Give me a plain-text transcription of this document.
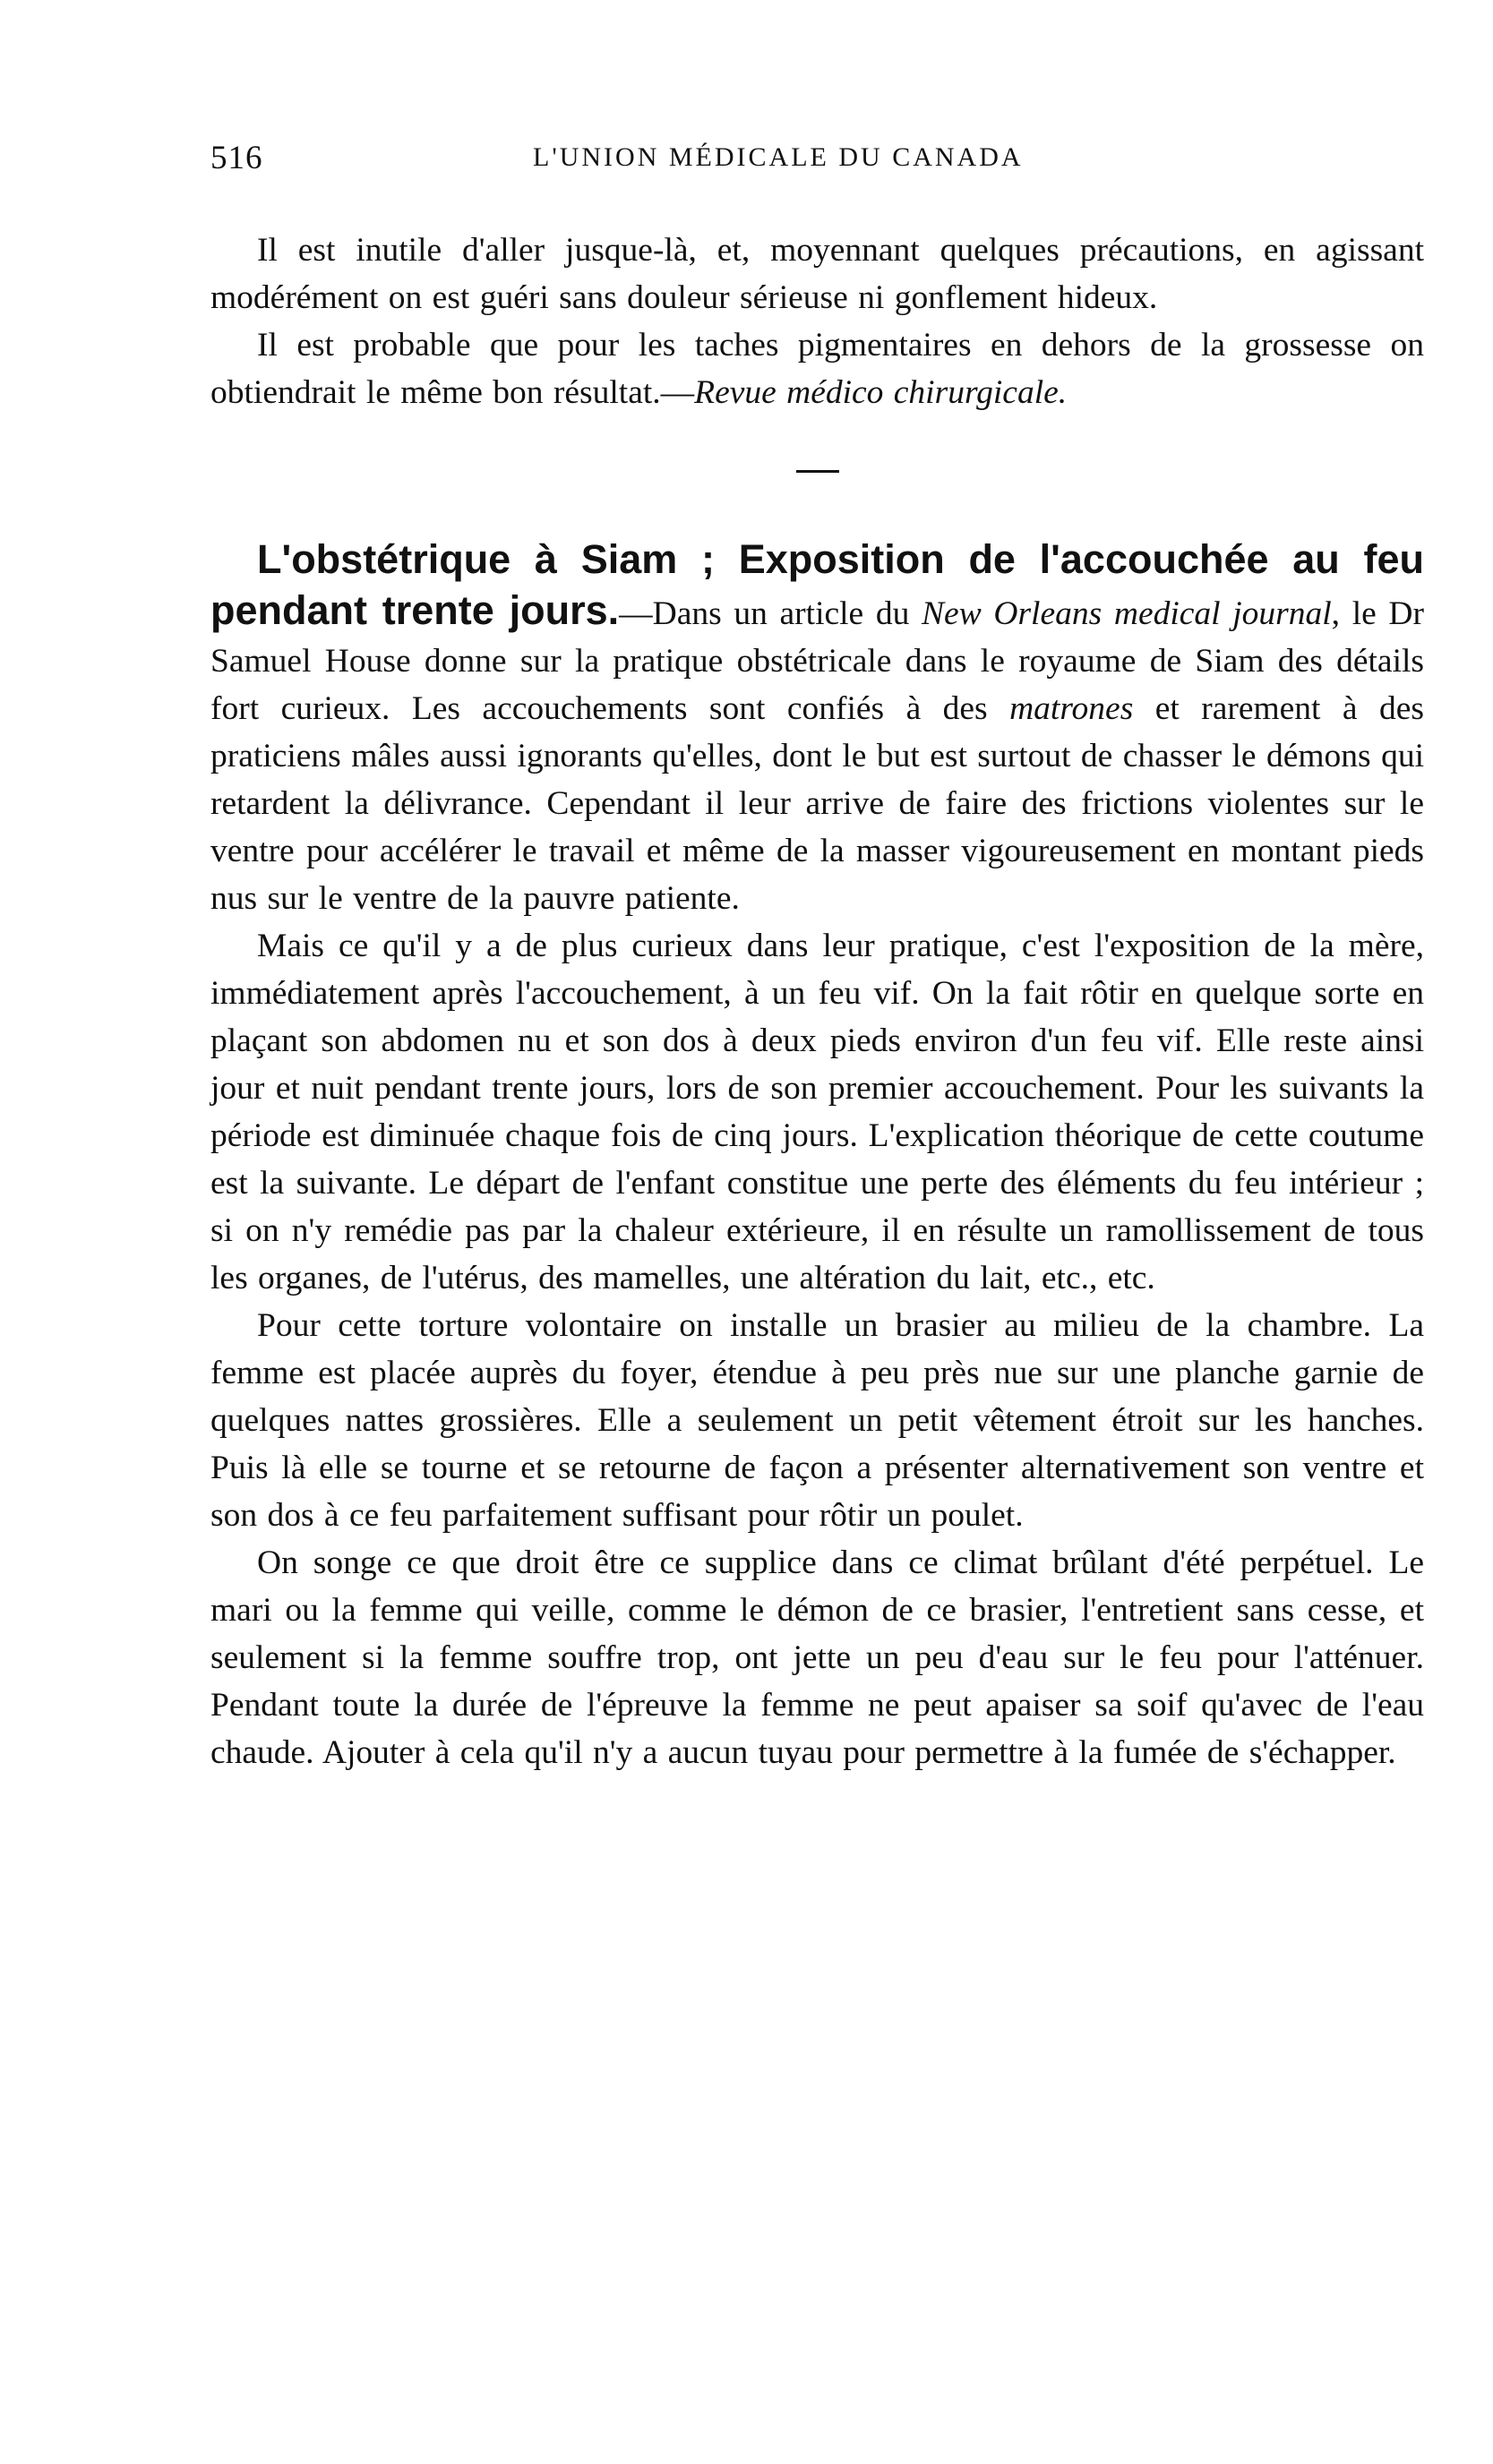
516	L'UNION MÉDICALE DU CANADA

Il est inutile d'aller jusque-là, et, moyennant quelques précautions, en agissant modérément on est guéri sans douleur sérieuse ni gonflement hideux.

Il est probable que pour les taches pigmentaires en dehors de la grossesse on obtiendrait le même bon résultat.—Revue médico chirurgicale.

L'obstétrique à Siam ; Exposition de l'accouchée au feu pendant trente jours.—Dans un article du New Orleans medical journal, le Dr Samuel House donne sur la pratique obstétricale dans le royaume de Siam des détails fort curieux. Les accouchements sont confiés à des matrones et rarement à des praticiens mâles aussi ignorants qu'elles, dont le but est surtout de chasser le démons qui retardent la délivrance. Cependant il leur arrive de faire des frictions violentes sur le ventre pour accélérer le travail et même de la masser vigoureusement en montant pieds nus sur le ventre de la pauvre patiente.

Mais ce qu'il y a de plus curieux dans leur pratique, c'est l'exposition de la mère, immédiatement après l'accouchement, à un feu vif. On la fait rôtir en quelque sorte en plaçant son abdomen nu et son dos à deux pieds environ d'un feu vif. Elle reste ainsi jour et nuit pendant trente jours, lors de son premier accouchement. Pour les suivants la période est diminuée chaque fois de cinq jours. L'explication théorique de cette coutume est la suivante. Le départ de l'enfant constitue une perte des éléments du feu intérieur ; si on n'y remédie pas par la chaleur extérieure, il en résulte un ramollissement de tous les organes, de l'utérus, des mamelles, une altération du lait, etc., etc.

Pour cette torture volontaire on installe un brasier au milieu de la chambre. La femme est placée auprès du foyer, étendue à peu près nue sur une planche garnie de quelques nattes grossières. Elle a seulement un petit vêtement étroit sur les hanches. Puis là elle se tourne et se retourne de façon a présenter alternativement son ventre et son dos à ce feu parfaitement suffisant pour rôtir un poulet.

On songe ce que droit être ce supplice dans ce climat brûlant d'été perpétuel. Le mari ou la femme qui veille, comme le démon de ce brasier, l'entretient sans cesse, et seulement si la femme souffre trop, ont jette un peu d'eau sur le feu pour l'atténuer. Pendant toute la durée de l'épreuve la femme ne peut apaiser sa soif qu'avec de l'eau chaude. Ajouter à cela qu'il n'y a aucun tuyau pour permettre à la fumée de s'échapper.
